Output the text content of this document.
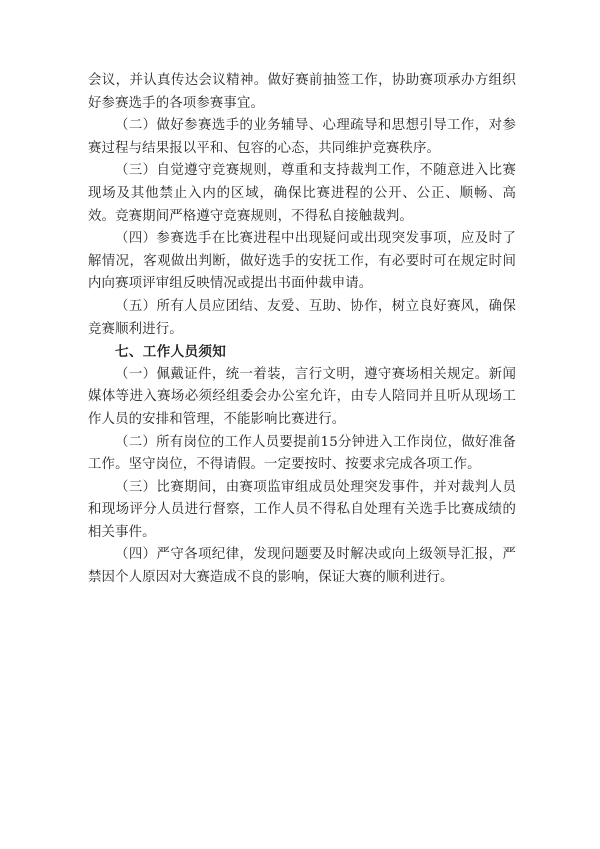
会议，并认真传达会议精神。做好赛前抽签工作，协助赛项承办方组织好参赛选手的各项参赛事宜。

（二）做好参赛选手的业务辅导、心理疏导和思想引导工作，对参赛过程与结果报以平和、包容的心态，共同维护竞赛秩序。

（三）自觉遵守竞赛规则，尊重和支持裁判工作，不随意进入比赛现场及其他禁止入内的区域，确保比赛进程的公开、公正、顺畅、高效。竞赛期间严格遵守竞赛规则，不得私自接触裁判。

（四）参赛选手在比赛进程中出现疑问或出现突发事项，应及时了解情况，客观做出判断，做好选手的安抚工作，有必要时可在规定时间内向赛项评审组反映情况或提出书面仲裁申请。

（五）所有人员应团结、友爱、互助、协作，树立良好赛风，确保竞赛顺利进行。

七、工作人员须知

（一）佩戴证件，统一着装，言行文明，遵守赛场相关规定。新闻媒体等进入赛场必须经组委会办公室允许，由专人陪同并且听从现场工作人员的安排和管理，不能影响比赛进行。

（二）所有岗位的工作人员要提前15分钟进入工作岗位，做好准备工作。坚守岗位，不得请假。一定要按时、按要求完成各项工作。

（三）比赛期间，由赛项监审组成员处理突发事件，并对裁判人员和现场评分人员进行督察，工作人员不得私自处理有关选手比赛成绩的相关事件。

（四）严守各项纪律，发现问题要及时解决或向上级领导汇报，严禁因个人原因对大赛造成不良的影响，保证大赛的顺利进行。
